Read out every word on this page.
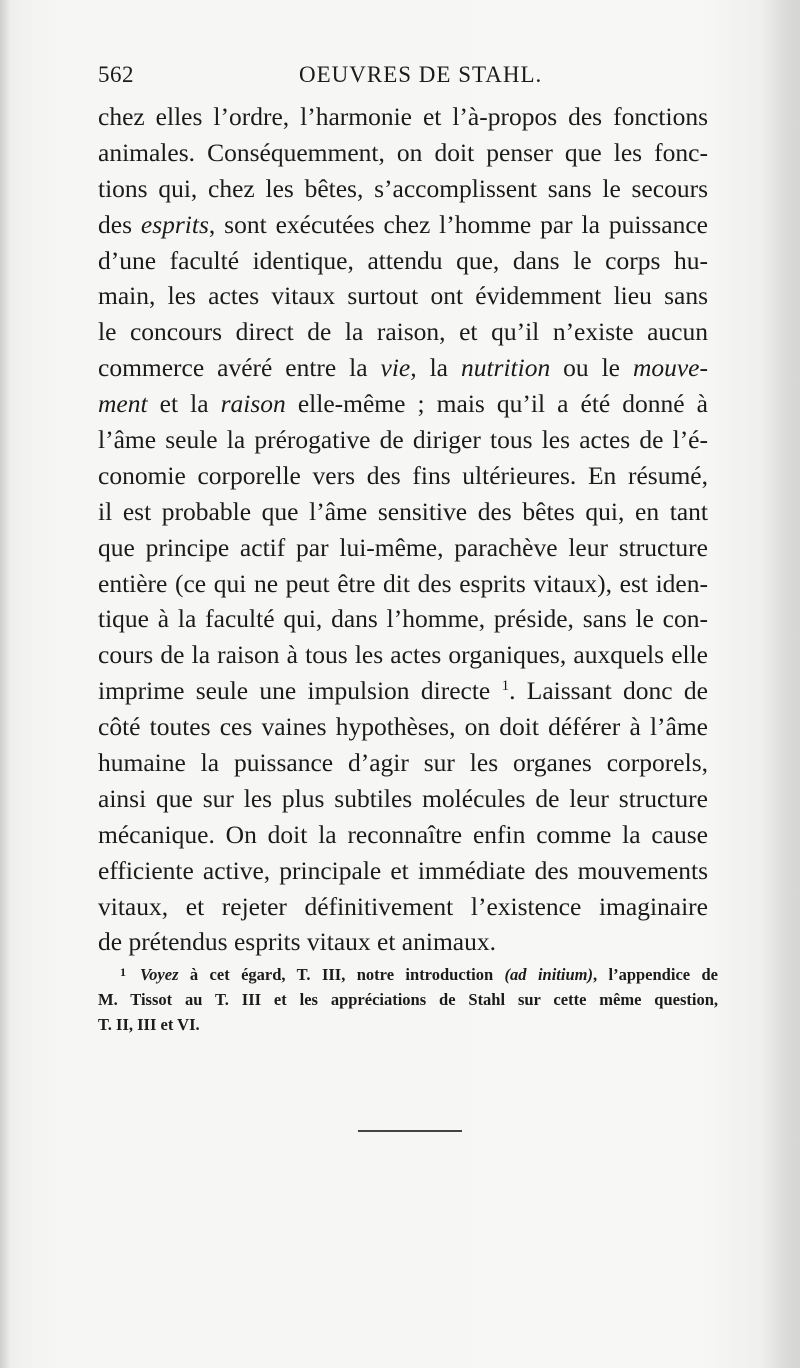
562	OEUVRES DE STAHL.
chez elles l’ordre, l’harmonie et l’à-propos des fonctions
animales. Conséquemment, on doit penser que les fonc-
tions qui, chez les bêtes, s’accomplissent sans le secours
des esprits, sont exécutées chez l’homme par la puissance
d’une faculté identique, attendu que, dans le corps hu-
main, les actes vitaux surtout ont évidemment lieu sans
le concours direct de la raison, et qu’il n’existe aucun
commerce avéré entre la vie, la nutrition ou le mouve-
ment et la raison elle-même ; mais qu’il a été donné à
l’âme seule la prérogative de diriger tous les actes de l’é-
conomie corporelle vers des fins ultérieures. En résumé,
il est probable que l’âme sensitive des bêtes qui, en tant
que principe actif par lui-même, parachève leur structure
entière (ce qui ne peut être dit des esprits vitaux), est iden-
tique à la faculté qui, dans l’homme, préside, sans le con-
cours de la raison à tous les actes organiques, auxquels elle
imprime seule une impulsion directe $^1$. Laissant donc de
côté toutes ces vaines hypothèses, on doit déférer à l’âme
humaine la puissance d’agir sur les organes corporels,
ainsi que sur les plus subtiles molécules de leur structure
mécanique. On doit la reconnaître enfin comme la cause
efficiente active, principale et immédiate des mouvements
vitaux, et rejeter définitivement l’existence imaginaire
de prétendus esprits vitaux et animaux.
$^1$ Voyez à cet égard, T. III, notre introduction (ad initium), l’appendice de
M. Tissot au T. III et les appréciations de Stahl sur cette même question,
T. II, III et VI.
